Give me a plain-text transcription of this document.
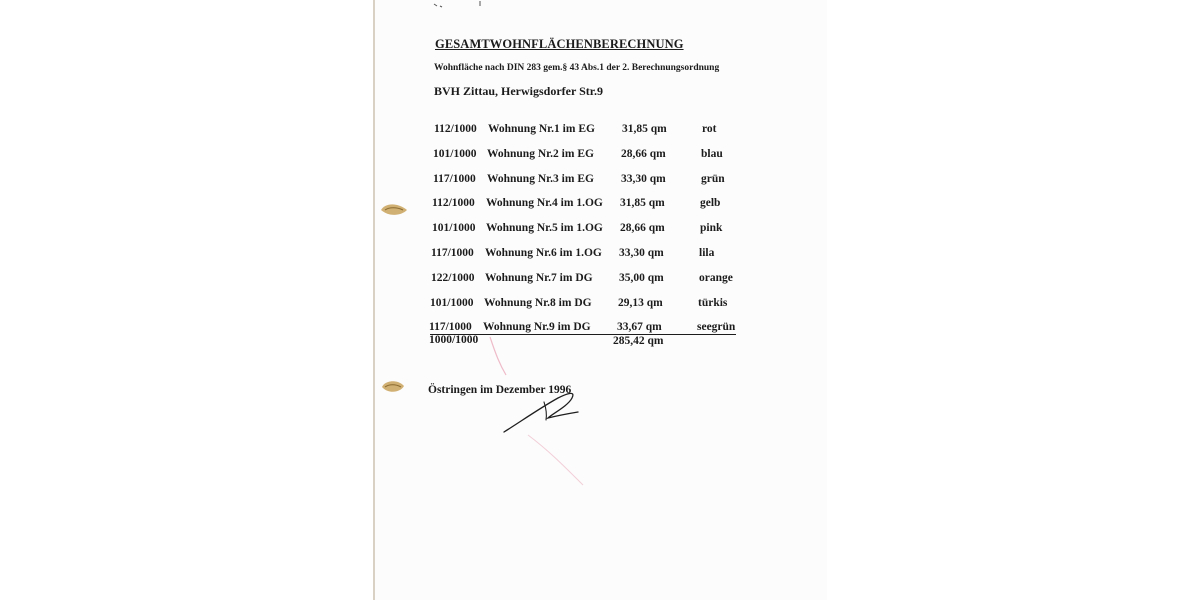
GESAMTWOHNFLÄCHENBERECHNUNG
Wohnfläche nach DIN 283 gem.§ 43 Abs.1 der 2. Berechnungsordnung
BVH Zittau, Herwigsdorfer Str.9
112/1000 Wohnung Nr.1 im EG 31,85 qm	rot
101/1000 Wohnung Nr.2 im EG 28,66 qm	blau
117/1000 Wohnung Nr.3 im EG 33,30 qm	grün
112/1000 Wohnung Nr.4 im 1.OG 31,85 qm	gelb
101/1000 Wohnung Nr.5 im 1.OG 28,66 qm	pink
117/1000 Wohnung Nr.6 im 1.OG 33,30 qm	lila
122/1000 Wohnung Nr.7 im DG 35,00 qm	orange
101/1000 Wohnung Nr.8 im DG 29,13 qm	türkis
117/1000 Wohnung Nr.9 im DG 33,67 qm	seegrün
1000/1000	285,42 qm
Östringen im Dezember 1996
